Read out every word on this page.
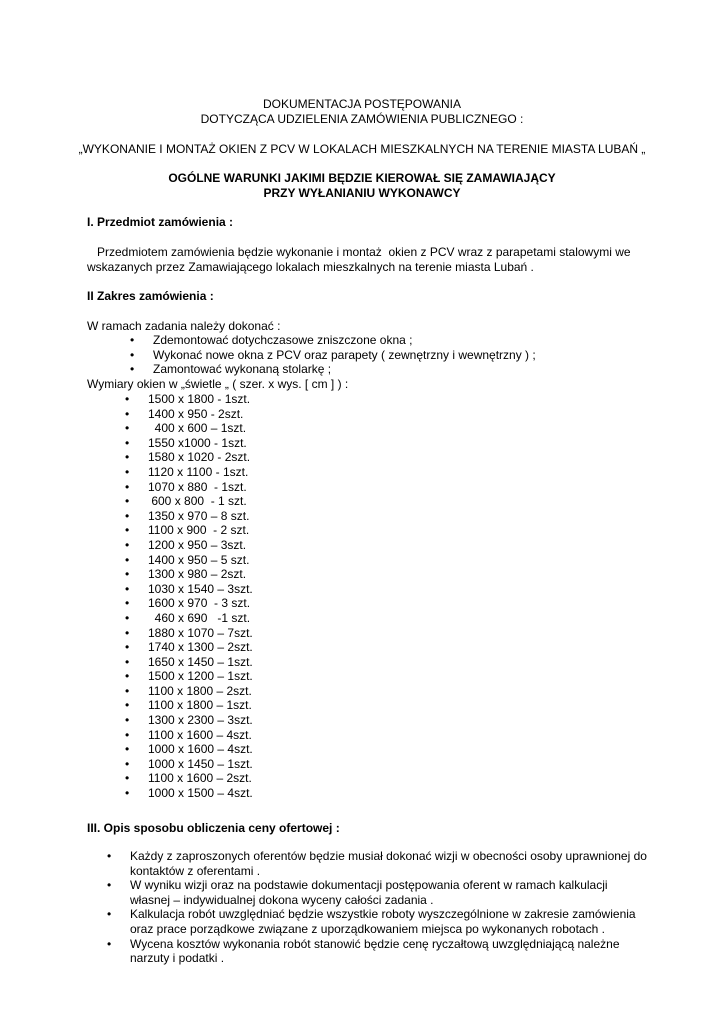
DOKUMENTACJA POSTĘPOWANIA
DOTYCZĄCA UDZIELENIA ZAMÓWIENIA PUBLICZNEGO :
„WYKONANIE I MONTAŻ OKIEN Z PCV W LOKALACH MIESZKALNYCH NA TERENIE MIASTA LUBAŃ „
OGÓLNE WARUNKI JAKIMI BĘDZIE KIEROWAŁ SIĘ ZAMAWIAJĄCY
PRZY WYŁANIANIU WYKONAWCY
I. Przedmiot zamówienia :
Przedmiotem zamówienia będzie wykonanie i montaż  okien z PCV wraz z parapetami stalowymi we
wskazanych przez Zamawiającego lokalach mieszkalnych na terenie miasta Lubań .
II Zakres zamówienia :
W ramach zadania należy dokonać :
• Zdemontować dotychczasowe zniszczone okna ;
• Wykonać nowe okna z PCV oraz parapety ( zewnętrzny i wewnętrzny ) ;
• Zamontować wykonaną stolarkę ;
Wymiary okien w „świetle „ ( szer. x wys. [ cm ] ) :
• 1500 x 1800 - 1szt.
• 1400 x 950 - 2szt.
• 400 x 600 – 1szt.
• 1550 x1000 - 1szt.
• 1580 x 1020 - 2szt.
• 1120 x 1100 - 1szt.
• 1070 x 880  - 1szt.
• 600 x 800  - 1 szt.
• 1350 x 970 – 8 szt.
• 1100 x 900  - 2 szt.
• 1200 x 950 – 3szt.
• 1400 x 950 – 5 szt.
• 1300 x 980 – 2szt.
• 1030 x 1540 – 3szt.
• 1600 x 970  - 3 szt.
• 460 x 690   -1 szt.
• 1880 x 1070 – 7szt.
• 1740 x 1300 – 2szt.
• 1650 x 1450 – 1szt.
• 1500 x 1200 – 1szt.
• 1100 x 1800 – 2szt.
• 1100 x 1800 – 1szt.
• 1300 x 2300 – 3szt.
• 1100 x 1600 – 4szt.
• 1000 x 1600 – 4szt.
• 1000 x 1450 – 1szt.
• 1100 x 1600 – 2szt.
• 1000 x 1500 – 4szt.
III. Opis sposobu obliczenia ceny ofertowej :
• Każdy z zaproszonych oferentów będzie musiał dokonać wizji w obecności osoby uprawnionej do kontaktów z oferentami .
• W wyniku wizji oraz na podstawie dokumentacji postępowania oferent w ramach kalkulacji własnej – indywidualnej dokona wyceny całości zadania .
• Kalkulacja robót uwzględniać będzie wszystkie roboty wyszczególnione w zakresie zamówienia oraz prace porządkowe związane z uporządkowaniem miejsca po wykonanych robotach .
• Wycena kosztów wykonania robót stanowić będzie cenę ryczałtową uwzględniającą należne narzuty i podatki .
